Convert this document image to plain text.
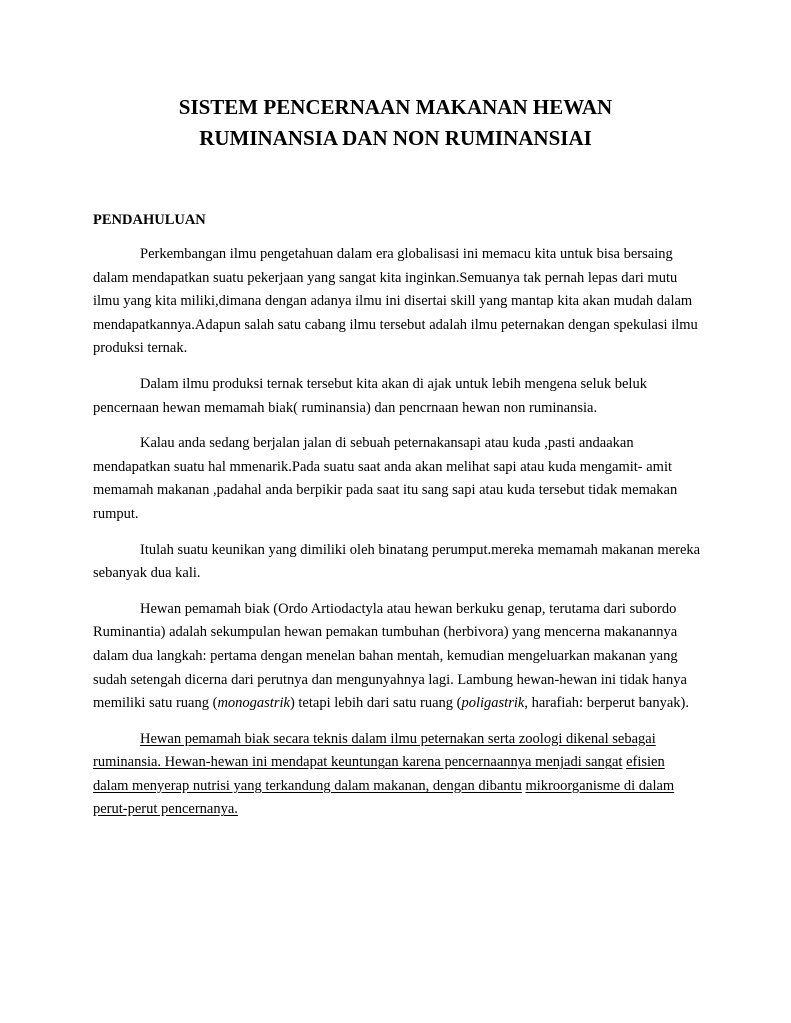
SISTEM PENCERNAAN MAKANAN HEWAN
RUMINANSIA DAN NON RUMINANSIAI
PENDAHULUAN

Perkembangan ilmu pengetahuan dalam era globalisasi ini memacu kita untuk bisa bersaing dalam mendapatkan suatu pekerjaan yang sangat kita inginkan.Semuanya tak pernah lepas dari mutu ilmu yang kita miliki,dimana dengan adanya ilmu ini disertai skill yang mantap kita akan mudah dalam mendapatkannya.Adapun salah satu cabang ilmu tersebut adalah ilmu peternakan dengan spekulasi ilmu produksi ternak.

Dalam ilmu produksi ternak tersebut kita akan di ajak untuk lebih mengena seluk beluk pencernaan hewan memamah biak( ruminansia) dan pencrnaan hewan non ruminansia.

Kalau anda sedang berjalan jalan di sebuah peternakansapi atau kuda ,pasti andaakan mendapatkan suatu hal mmenarik.Pada suatu saat anda akan melihat sapi atau kuda mengamit- amit memamah makanan ,padahal anda berpikir pada saat itu sang sapi atau kuda tersebut tidak memakan rumput.

Itulah suatu keunikan yang dimiliki oleh binatang perumput.mereka memamah makanan mereka sebanyak dua kali.

Hewan pemamah biak (Ordo Artiodactyla atau hewan berkuku genap, terutama dari subordo Ruminantia) adalah sekumpulan hewan pemakan tumbuhan (herbivora) yang mencerna makanannya dalam dua langkah: pertama dengan menelan bahan mentah, kemudian mengeluarkan makanan yang sudah setengah dicerna dari perutnya dan mengunyahnya lagi. Lambung hewan-hewan ini tidak hanya memiliki satu ruang (monogastrik) tetapi lebih dari satu ruang (poligastrik, harafiah: berperut banyak).

Hewan pemamah biak secara teknis dalam ilmu peternakan serta zoologi dikenal sebagai ruminansia. Hewan-hewan ini mendapat keuntungan karena pencernaannya menjadi sangat efisien dalam menyerap nutrisi yang terkandung dalam makanan, dengan dibantu mikroorganisme di dalam perut-perut pencernanya.
